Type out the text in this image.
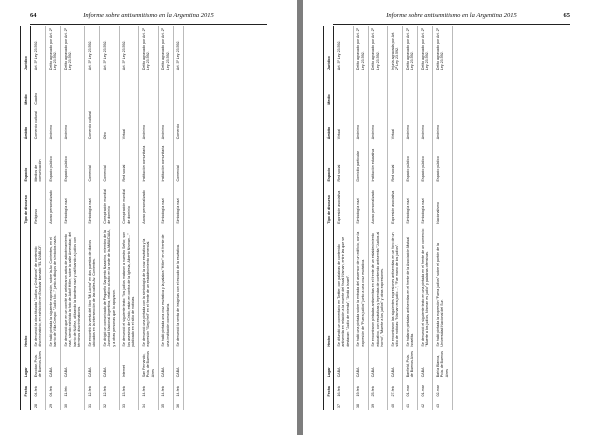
64	Informe sobre antisemitismo en la Argentina 2015
	Fecha	Lugar	Hecho	Tipo de discurso	Espacio	Ámbito	Medio	Jurídico
28	04-feb	Escobar, Pcia. de Buenos Aires	Se denunció la obra titulada "Judíos y Cristianos" de contenido discriminatorio, en exhibición en Escobar llamado "EL DIABLO".	Religioso	Medios de comunicación	Comercio cultural	Cuadro	Art. 3º Ley 23.592.
29	04-feb	CABA	Se halló pintada la siguiente expresión, sobre la Av. Corrientes, en el barrio de Villa Crespo: "Judío No..." junto a dibujos de símbolos nazis.	Acoso personalizado	Espacio público	Anónimo		Delito agravado por Art. 2º Ley 23.592.
30	11-feb	CABA	Se denunció que en un comité se celebraron actos de adoctrinamiento nazi, siendo exhibida la foto de Adolf Hitler, sobre la calle Amenábar, del barrio de Núñez, utilizando la bandera nazi y calificando a judíos con términos discriminatorios.	Simbología nazi	Espacio público	Anónimo		Delito agravado por Art. 2º Ley 23.592.
31	12-feb	CABA	Se encontró la venta del libro "Mi Lucha" en dos puestos de diarios ubicados en la intersección de las calles Av. Corrientes.	Simbología nazi	Comercial	Comercio cultural		Art. 3º Ley 23.592.
32	12-feb	CABA	Se dirigió un comunicado de Pequeño Sargento Nazarino, miembro de la Juventud Nacional Argentina, relativo al acto en la sede de la AMIA/DAIA, y a otras personas que lo apoyaron.	Conspiración mundial de dominio	Comercial	Otro		Art. 3º Ley 23.592.
33	13-feb	Internet	Se denunció el siguiente texto: "los judíos mataron a nuestro Señor, son los asesinos de Cristo, están en contra de la Iglesia, Alberto Nisman…" publicado en el sitio de noticias.	Conspiración mundial de dominio	Red social	Virtual		Art. 3º Ley 23.592.
34	14-feb	San Fernando, Pcia. de Buenos Aires	Se denunció una pintada con la simbología de la cruz esvástica y la expresión "Sieg Heil" en el frente de un establecimiento comercial.	Acoso personalizado	Institución comunitaria	Anónimo		Delito agravado por Art. 2º Ley 23.592.
35	14-feb	CABA	Se halló pintada una cruz esvástica y la palabra "Hitler" en el frente de una institución comunitaria.	Simbología nazi	Institución comunitaria	Anónimo		Delito agravado por Art. 2º Ley 23.592.
36	14-feb	CABA	Se denunció la venta de insignias con el escudo de la esvástica.	Simbología nazi	Comercial	Comercio		Art. 3º Ley 23.592.
Informe sobre antisemitismo en la Argentina 2015	65
	Fecha	Lugar	Hecho	Tipo de discurso	Espacio	Ámbito	Medio	Jurídico
37	16-feb	CABA	Se difundió un comentario en Twitter, con palabras de contenido antisemita en relación a la muerte del fiscal Nisman, entre las que se destacan: "Judío de mierda", "Andá a Israel".	Expresión asociativa	Red social	Virtual		Art. 3º Ley 23.592.
38	19-feb	CABA	Se halló una pintada sobre la entrada del ascensor de un edificio, con la expresión de "Fuera judíos" junto a una cruz esvástica.	Simbología nazi	Domicilio particular	Anónimo		Delito agravado por Art. 2º Ley 23.592.
39	25-feb	CABA	Se encontraron pintadas antisemitas en el frente de un establecimiento educativo, con esvásticas y leyendas de contenido antisemita "Judíos al horno", "Muerte a los judíos" y otras expresiones.	Acoso personalizado	Institución educativa	Anónimo		Delito agravado por Art. 2º Ley 23.592.
40	27-feb	CABA	Se encontraron las siguientes expresiones antisemitas en un foro de un sitio de noticias: "Nisman era judío…", "Fue mano de los judíos".	Expresión asociativa	Red social	Virtual		Injuria agravada por Art. 2º Ley 23.592.
41	01-mar	Banfield, Pcia. de Buenos Aires	Se hallaron pintadas antisemitas en el frente de la Asociación Mutual Israelita.	Simbología nazi	Espacio público	Anónimo		Delito agravado por Art. 2º Ley 23.592.
42	01-mar	CABA	Se denunció el siguiente texto en una pintada en el frente de un comercio: "Muerte a los judíos, Nisman es judío" y palabras ofensivas.	Simbología nazi	Espacio público	Anónimo		Delito agravado por Art. 2º Ley 23.592.
43	02-mar	Bahía Blanca, Pcia. de Buenos Aires	Se halló pintada la expresión "Fuera judíos" sobre el portón de la Universidad Nacional del Sur.	Nacionalismo	Espacio público	Anónimo		Delito agravado por Art. 2º Ley 23.592.
